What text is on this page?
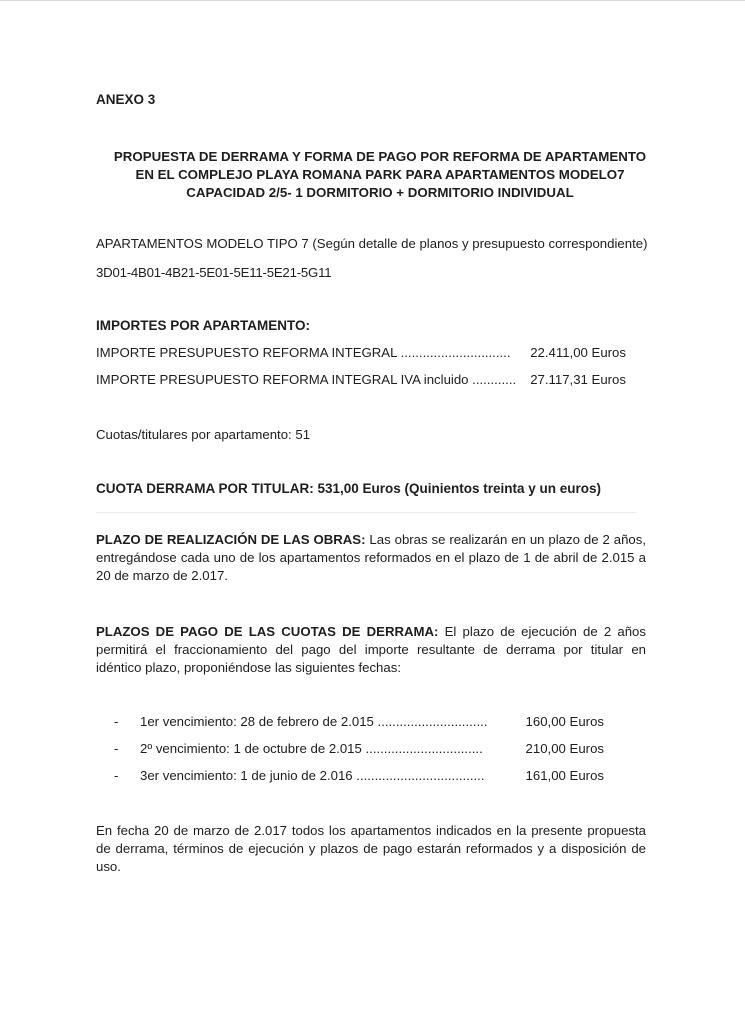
ANEXO 3
PROPUESTA DE DERRAMA Y FORMA DE PAGO POR REFORMA DE APARTAMENTO
EN EL COMPLEJO PLAYA ROMANA PARK PARA APARTAMENTOS MODELO7
CAPACIDAD 2/5- 1 DORMITORIO + DORMITORIO INDIVIDUAL
APARTAMENTOS MODELO TIPO 7 (Según detalle de planos y presupuesto correspondiente)
3D01-4B01-4B21-5E01-5E11-5E21-5G11
IMPORTES POR APARTAMENTO:
IMPORTE PRESUPUESTO REFORMA INTEGRAL .............................. 22.411,00 Euros
IMPORTE PRESUPUESTO REFORMA INTEGRAL IVA incluido ............ 27.117,31 Euros
Cuotas/titulares por apartamento: 51
CUOTA DERRAMA POR TITULAR: 531,00 Euros (Quinientos treinta y un euros)
PLAZO DE REALIZACIÓN DE LAS OBRAS: Las obras se realizarán en un plazo de 2 años,
entregándose cada uno de los apartamentos reformados en el plazo de 1 de abril de 2.015 a
20 de marzo de 2.017.
PLAZOS DE PAGO DE LAS CUOTAS DE DERRAMA: El plazo de ejecución de 2 años
permitirá el fraccionamiento del pago del importe resultante de derrama por titular en
idéntico plazo, proponiéndose las siguientes fechas:
- 1er vencimiento: 28 de febrero de 2.015 ..............................	160,00 Euros
- 2º vencimiento: 1 de octubre de 2.015 ................................	210,00 Euros
- 3er vencimiento: 1 de junio de 2.016 ...................................	161,00 Euros
En fecha 20 de marzo de 2.017 todos los apartamentos indicados en la presente propuesta
de derrama, términos de ejecución y plazos de pago estarán reformados y a disposición de
uso.
